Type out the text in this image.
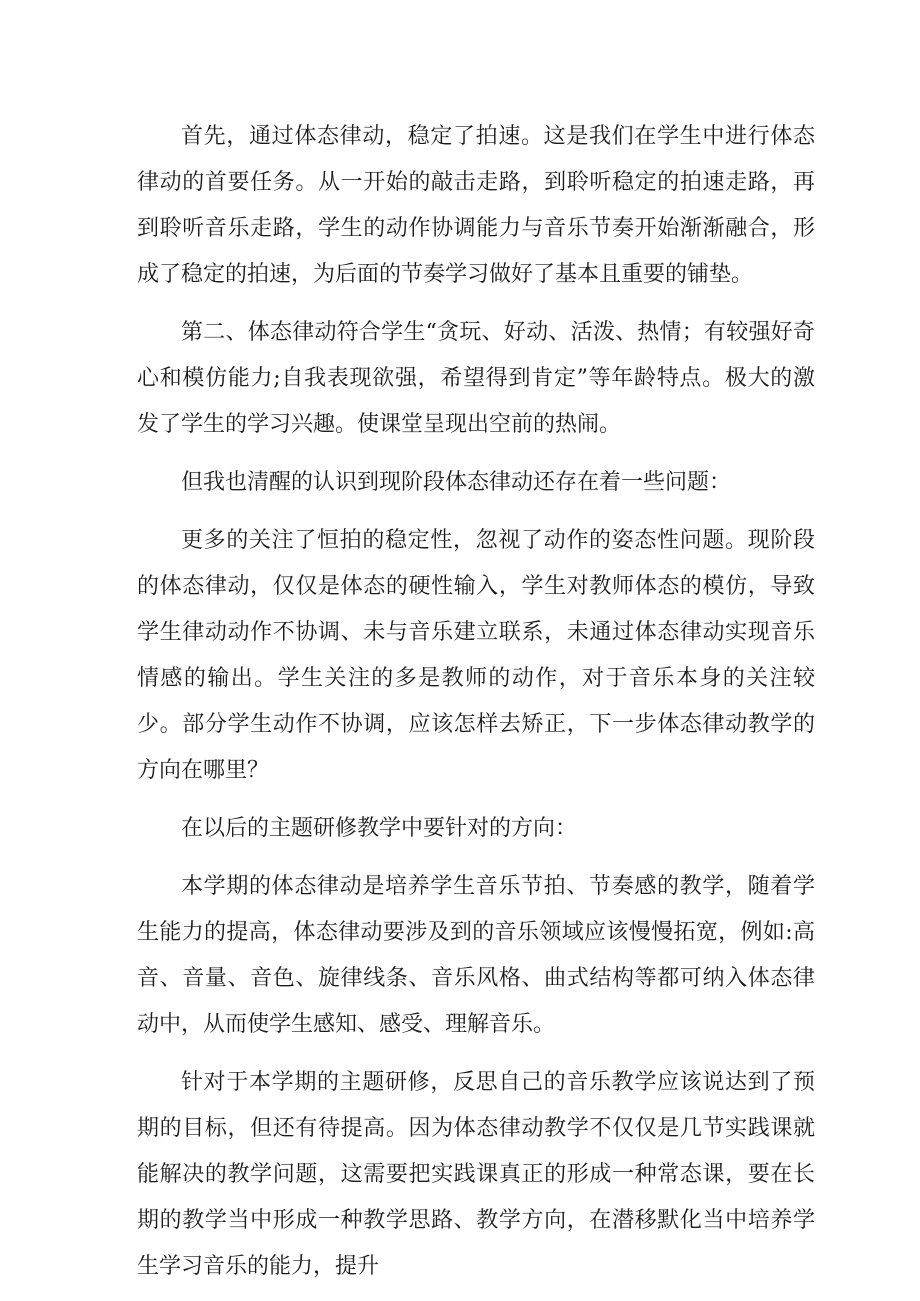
首先，通过体态律动，稳定了拍速。这是我们在学生中进行体态律动的首要任务。从一开始的敲击走路，到聆听稳定的拍速走路，再到聆听音乐走路，学生的动作协调能力与音乐节奏开始渐渐融合，形成了稳定的拍速，为后面的节奏学习做好了基本且重要的铺垫。

第二、体态律动符合学生“贪玩、好动、活泼、热情；有较强好奇心和模仿能力;自我表现欲强，希望得到肯定”等年龄特点。极大的激发了学生的学习兴趣。使课堂呈现出空前的热闹。

但我也清醒的认识到现阶段体态律动还存在着一些问题：

更多的关注了恒拍的稳定性，忽视了动作的姿态性问题。现阶段的体态律动，仅仅是体态的硬性输入，学生对教师体态的模仿，导致学生律动动作不协调、未与音乐建立联系，未通过体态律动实现音乐情感的输出。学生关注的多是教师的动作，对于音乐本身的关注较少。部分学生动作不协调，应该怎样去矫正，下一步体态律动教学的方向在哪里？

在以后的主题研修教学中要针对的方向：

本学期的体态律动是培养学生音乐节拍、节奏感的教学，随着学生能力的提高，体态律动要涉及到的音乐领域应该慢慢拓宽，例如:高音、音量、音色、旋律线条、音乐风格、曲式结构等都可纳入体态律动中，从而使学生感知、感受、理解音乐。

针对于本学期的主题研修，反思自己的音乐教学应该说达到了预期的目标，但还有待提高。因为体态律动教学不仅仅是几节实践课就能解决的教学问题，这需要把实践课真正的形成一种常态课，要在长期的教学当中形成一种教学思路、教学方向，在潜移默化当中培养学生学习音乐的能力，提升
